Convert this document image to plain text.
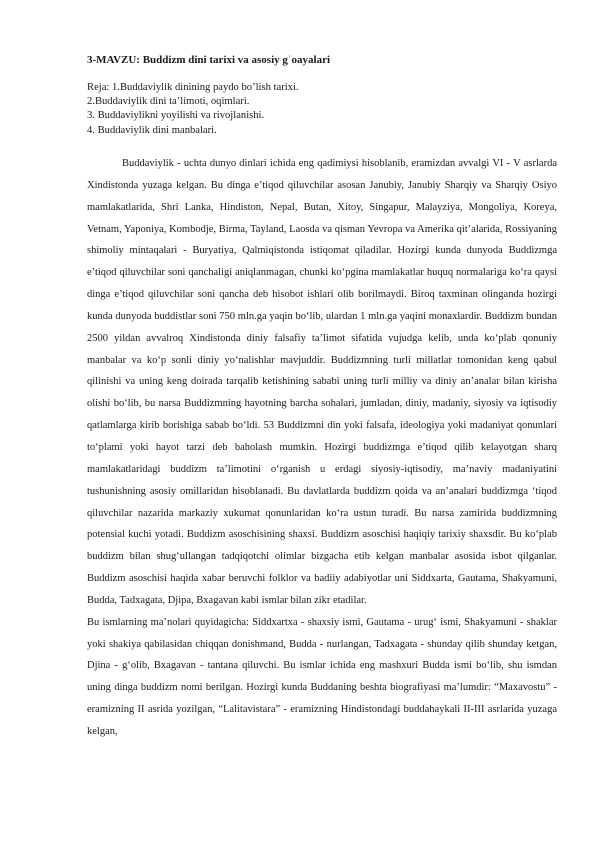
3-MAVZU: Buddizm dini tarixi va asosiy gʾoayalari
Reja: 1.Buddaviylik dinining paydo bo’lish tarixi.
2.Buddaviylik dini ta’limoti, oqimlari.
3. Buddaviylikni yoyilishi va rivojlanishi.
4. Buddaviylik dini manbalari.

Buddaviylik - uchta dunyo dinlari ichida eng qadimiysi hisoblanib, eramizdan avvalgi VI - V asrlarda Xindistonda yuzaga kelgan. Bu dinga e’tiqod qiluvchilar asosan Janubiy, Janubiy Sharqiy va Sharqiy Osiyo mamlakatlarida, Shri Lanka, Hindiston, Nepal, Butan, Xitoy, Singapur, Malayziya, Mongoliya, Koreya, Vetnam, Yaponiya, Kombodje, Birma, Tayland, Laosda va qisman Yevropa va Amerika qit’alarida, Rossiyaning shimoliy mintaqalari - Buryatiya, Qalmiqistonda istiqomat qiladilar. Hozirgi kunda dunyoda Buddizmga e’tiqod qiluvchilar soni qanchaligi aniqlanmagan, chunki ko‘pgina mamlakatlar huquq normalariga ko‘ra qaysi dinga e’tiqod qiluvchilar soni qancha deb hisobot ishlari olib borilmaydi. Biroq taxminan olinganda hozirgi kunda dunyoda buddistlar soni 750 mln.ga yaqin bo‘lib, ulardan 1 mln.ga yaqini monaxlardir. Buddizm bundan 2500 yildan avvalroq Xindistonda diniy falsafiy ta’limot sifatida vujudga kelib, unda ko‘plab qonuniy manbalar va ko‘p sonli diniy yo‘nalishlar mavjuddir. Buddizmning turli millatlar tomonidan keng qabul qilinishi va uning keng doirada tarqalib ketishining sababi uning turli milliy va diniy an’analar bilan kirisha olishi bo‘lib, bu narsa Buddizmning hayotning barcha sohalari, jumladan, diniy, madaniy, siyosiy va iqtisodiy qatlamlarga kirib borishiga sabab bo‘ldi. 53 Buddizmni din yoki falsafa, ideologiya yoki madaniyat qonunlari to‘plami yoki hayot tarzi deb baholash mumkin. Hozirgi buddizmga e’tiqod qilib kelayotgan sharq mamlakatlaridagi buddizm ta’limotini o‘rganish u erdagi siyosiy-iqtisodiy, ma’naviy madaniyatini tushunishning asosiy omillaridan hisoblanadi. Bu davlatlarda buddizm qoida va an’analari buddizmga ‘tiqod qiluvchilar nazarida markaziy xukumat qonunlaridan ko‘ra ustun turadi. Bu narsa zamirida buddizmning potensial kuchi yotadi. Buddizm asoschisining shaxsi. Buddizm asoschisi haqiqiy tarixiy shaxsdir. Bu ko‘plab buddizm bilan shug‘ullangan tadqiqotchi olimlar bizgacha etib kelgan manbalar asosida isbot qilganlar. Buddizm asoschisi haqida xabar beruvchi folklor va badiiy adabiyotlar uni Siddxarta, Gautama, Shakyamuni, Budda, Tadxagata, Djipa, Bxagavan kabi ismlar bilan zikr etadilar.

Bu ismlarning ma’nolari quyidagicha: Siddxartxa - shaxsiy ismi, Gautama - urug‘ ismi, Shakyamuni - shaklar yoki shakiya qabilasidan chiqqan donishmand, Budda - nurlangan, Tadxagata - shunday qilib shunday ketgan, Djina - g‘olib, Bxagavan - tantana qiluvchi. Bu ismlar ichida eng mashxuri Budda ismi bo‘lib, shu ismdan uning dinga buddizm nomi berilgan. Hozirgi kunda Buddaning beshta biografiyasi ma’lumdir: “Maxavostu” - eramizning II asrida yozilgan, “Lalitavistara” - eramizning Hindistondagi buddahaykali II-III asrlarida yuzaga kelgan,
